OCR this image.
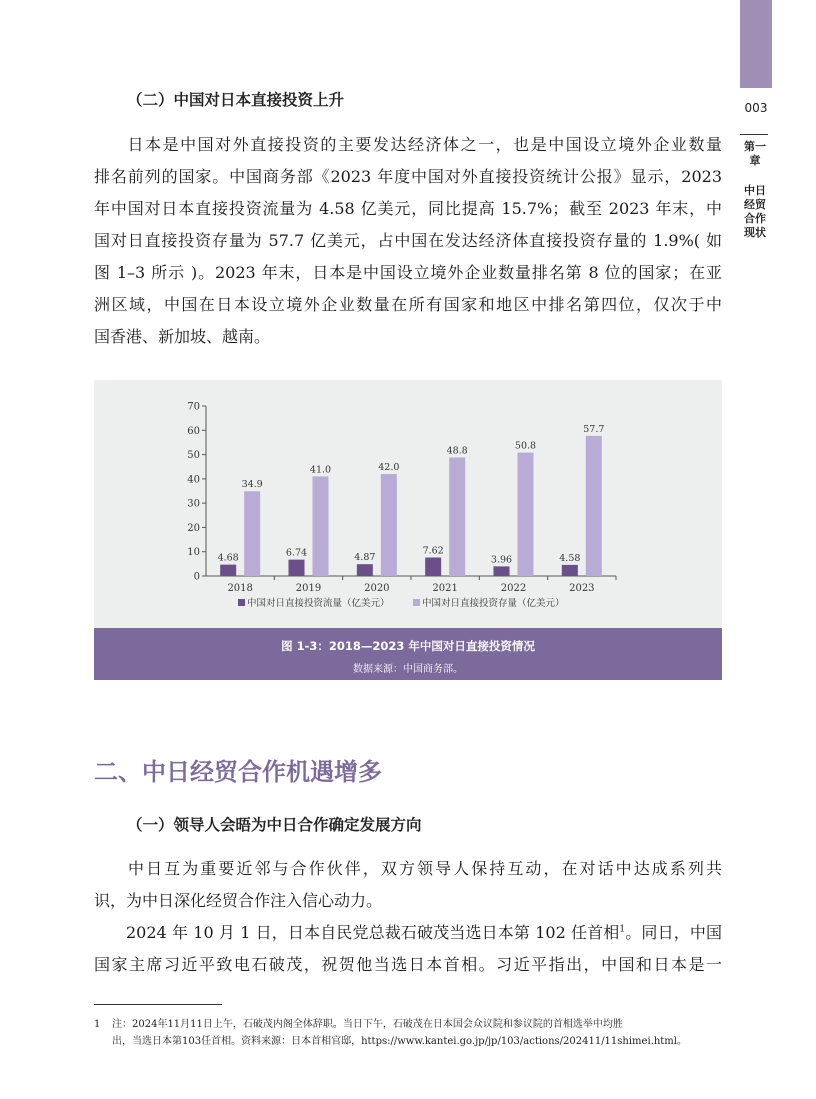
003
第一章
中日经贸合作现状
（二）中国对日本直接投资上升
日本是中国对外直接投资的主要发达经济体之一，也是中国设立境外企业数量
排名前列的国家。中国商务部《2023 年度中国对外直接投资统计公报》显示，2023
年中国对日本直接投资流量为 4.58 亿美元，同比提高 15.7%；截至 2023 年末，中
国对日直接投资存量为 57.7 亿美元，占中国在发达经济体直接投资存量的 1.9%( 如
图 1–3 所示 )。2023 年末，日本是中国设立境外企业数量排名第 8 位的国家；在亚
洲区域，中国在日本设立境外企业数量在所有国家和地区中排名第四位，仅次于中
国香港、新加坡、越南。
0
10
20
30
40
50
60
70
2018
4.68
34.9
2019
6.74
41.0
2020
4.87
42.0
2021
7.62
48.8
2022
3.96
50.8
2023
4.58
57.7
中国对日直接投资流量（亿美元）	中国对日直接投资存量（亿美元）
图 1-3：2018—2023 年中国对日直接投资情况
数据来源：中国商务部。
二、中日经贸合作机遇增多
（一）领导人会晤为中日合作确定发展方向
中日互为重要近邻与合作伙伴，双方领导人保持互动，在对话中达成系列共
识，为中日深化经贸合作注入信心动力。
2024 年 10 月 1 日，日本自民党总裁石破茂当选日本第 102 任首相$^1$。同日，中国
国家主席习近平致电石破茂，祝贺他当选日本首相。习近平指出，中国和日本是一
1 注：2024年11月11日上午，石破茂内阁全体辞职。当日下午，石破茂在日本国会众议院和参议院的首相选举中均胜
出，当选日本第103任首相。资料来源：日本首相官邸，https://www.kantei.go.jp/jp/103/actions/202411/11shimei.html。
